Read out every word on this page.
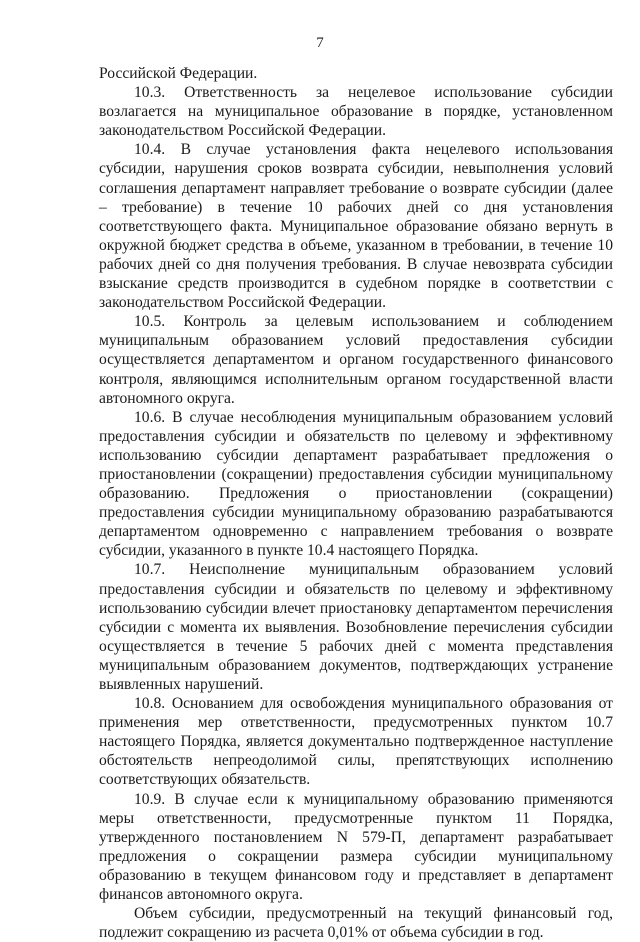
7

Российской Федерации.

10.3. Ответственность за нецелевое использование субсидии возлагается на муниципальное образование в порядке, установленном законодательством Российской Федерации.

10.4. В случае установления факта нецелевого использования субсидии, нарушения сроков возврата субсидии, невыполнения условий соглашения департамент направляет требование о возврате субсидии (далее – требование) в течение 10 рабочих дней со дня установления соответствующего факта. Муниципальное образование обязано вернуть в окружной бюджет средства в объеме, указанном в требовании, в течение 10 рабочих дней со дня получения требования. В случае невозврата субсидии взыскание средств производится в судебном порядке в соответствии с законодательством Российской Федерации.

10.5. Контроль за целевым использованием и соблюдением муниципальным образованием условий предоставления субсидии осуществляется департаментом и органом государственного финансового контроля, являющимся исполнительным органом государственной власти автономного округа.

10.6. В случае несоблюдения муниципальным образованием условий предоставления субсидии и обязательств по целевому и эффективному использованию субсидии департамент разрабатывает предложения о приостановлении (сокращении) предоставления субсидии муниципальному образованию. Предложения о приостановлении (сокращении) предоставления субсидии муниципальному образованию разрабатываются департаментом одновременно с направлением требования о возврате субсидии, указанного в пункте 10.4 настоящего Порядка.

10.7. Неисполнение муниципальным образованием условий предоставления субсидии и обязательств по целевому и эффективному использованию субсидии влечет приостановку департаментом перечисления субсидии с момента их выявления. Возобновление перечисления субсидии осуществляется в течение 5 рабочих дней с момента представления муниципальным образованием документов, подтверждающих устранение выявленных нарушений.

10.8. Основанием для освобождения муниципального образования от применения мер ответственности, предусмотренных пунктом 10.7 настоящего Порядка, является документально подтвержденное наступление обстоятельств непреодолимой силы, препятствующих исполнению соответствующих обязательств.

10.9. В случае если к муниципальному образованию применяются меры ответственности, предусмотренные пунктом 11 Порядка, утвержденного постановлением N 579-П, департамент разрабатывает предложения о сокращении размера субсидии муниципальному образованию в текущем финансовом году и представляет в департамент финансов автономного округа.

Объем субсидии, предусмотренный на текущий финансовый год, подлежит сокращению из расчета 0,01% от объема субсидии в год.
